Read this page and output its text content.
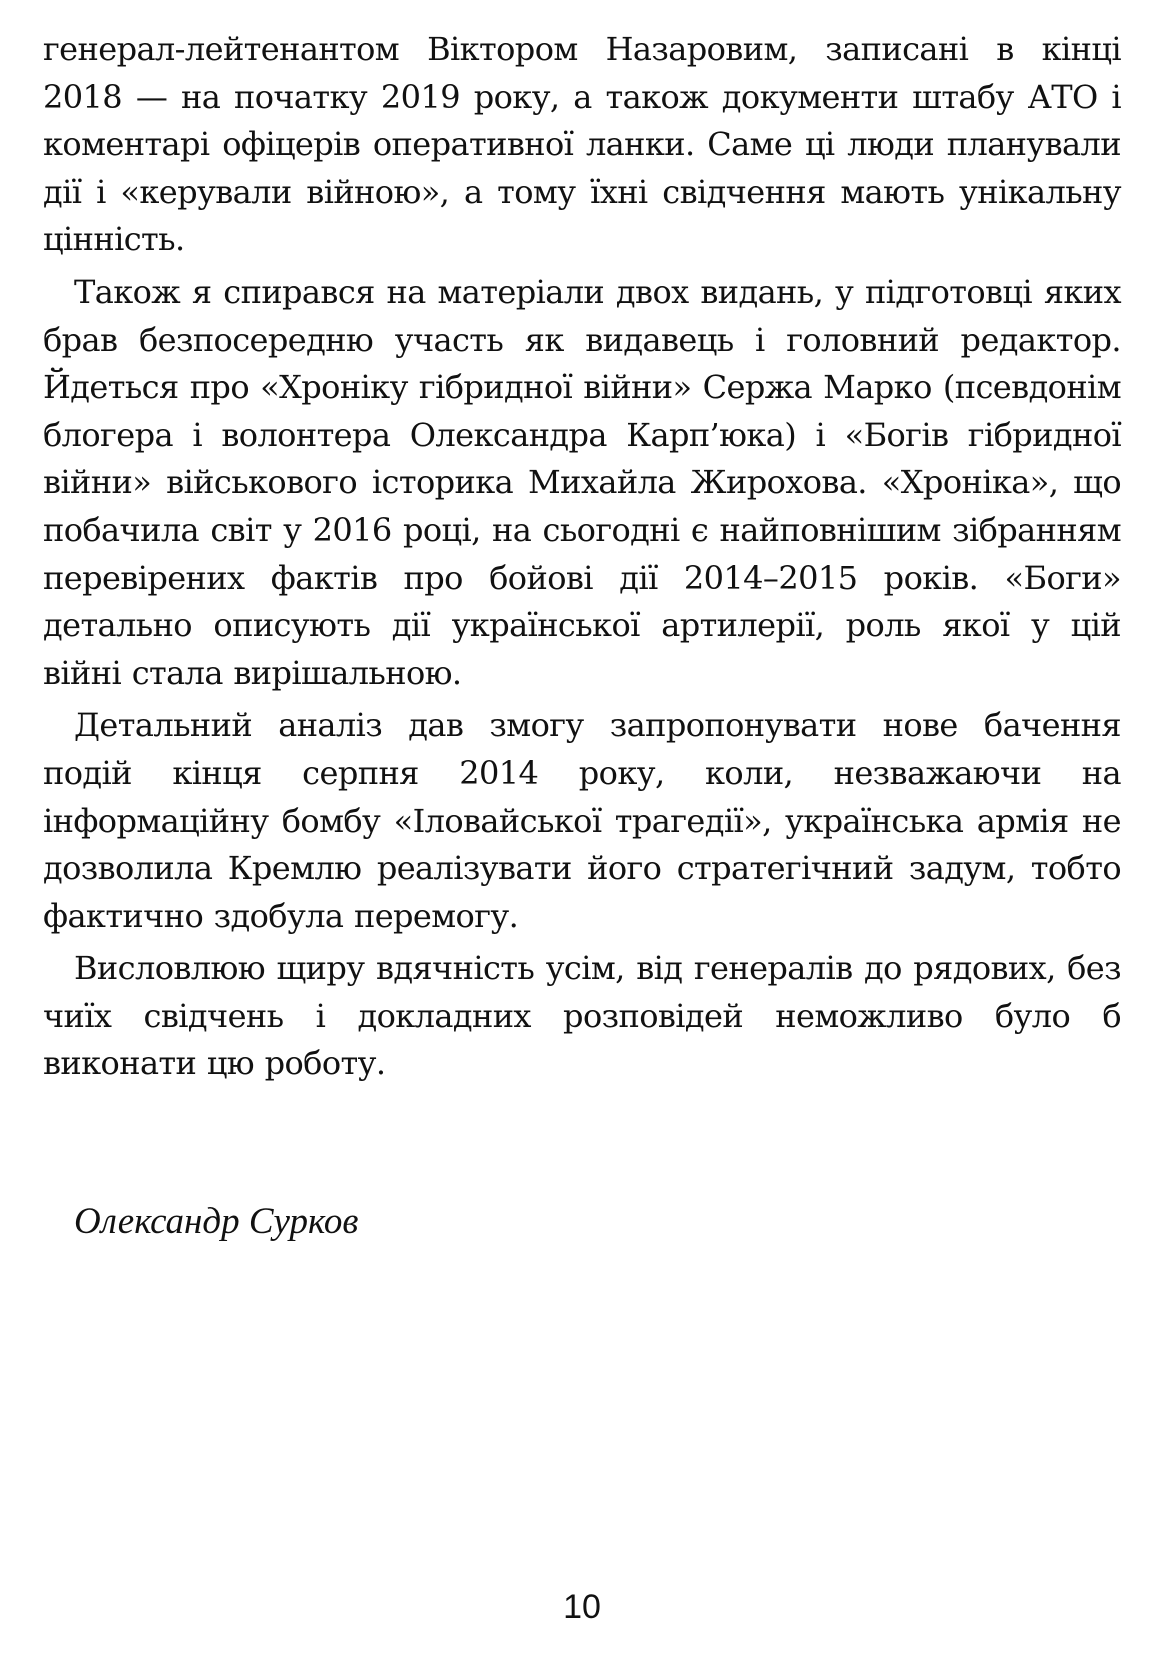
генерал-лейтенантом Віктором Назаровим, записані в кінці 2018 — на початку 2019 року, а також документи штабу АТО і коментарі офіцерів оперативної ланки. Саме ці люди планували дії і «керували війною», а тому їхні свідчення мають унікальну цінність.

Також я спирався на матеріали двох видань, у підготовці яких брав безпосередню участь як видавець і головний редактор. Йдеться про «Хроніку гібридної війни» Сержа Марко (псевдонім блогера і волонтера Олександра Карп’юка) і «Богів гібридної війни» військового історика Михайла Жирохова. «Хроніка», що побачила світ у 2016 році, на сьогодні є найповнішим зібранням перевірених фактів про бойові дії 2014–2015 років. «Боги» детально описують дії української артилерії, роль якої у цій війні стала вирішальною.

Детальний аналіз дав змогу запропонувати нове бачення подій кінця серпня 2014 року, коли, незважаючи на інформаційну бомбу «Іловайської трагедії», українська армія не дозволила Кремлю реалізувати його стратегічний задум, тобто фактично здобула перемогу.

Висловлюю щиру вдячність усім, від генералів до рядових, без чиїх свідчень і докладних розповідей неможливо було б виконати цю роботу.

Олександр Сурков

10
